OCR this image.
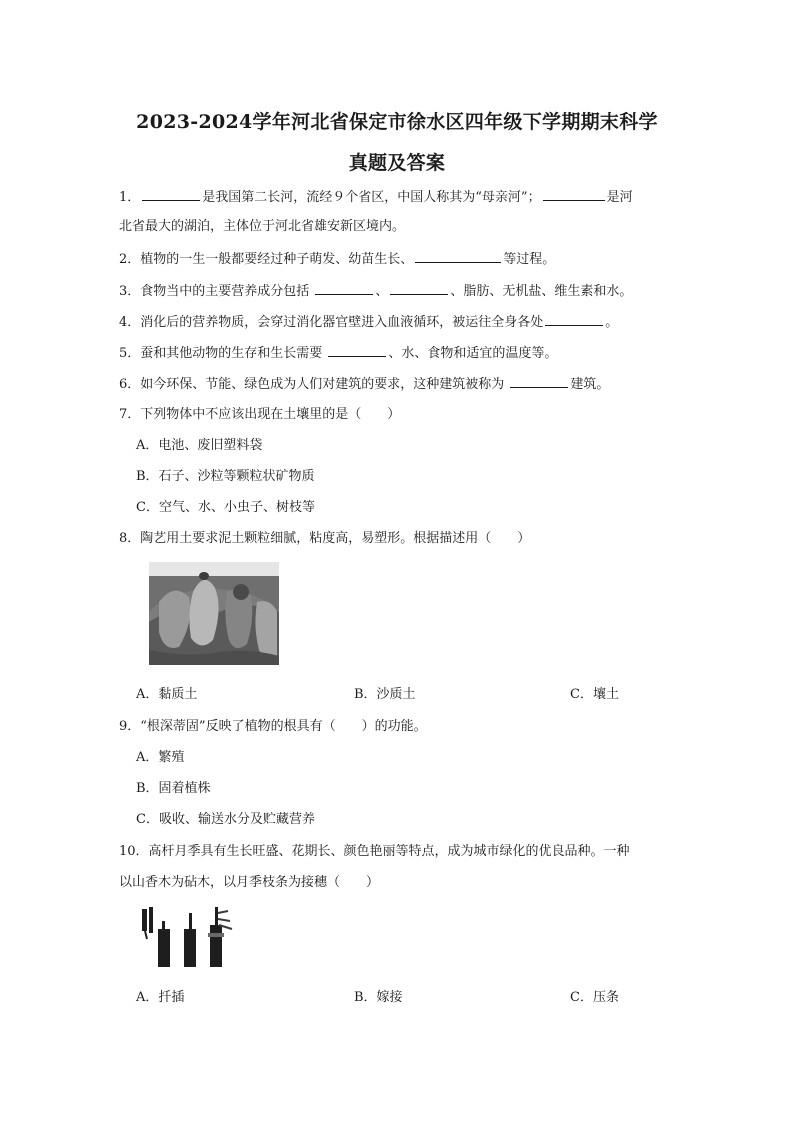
2023-2024学年河北省保定市徐水区四年级下学期期末科学
真题及答案
1．	是我国第二长河，流经９个省区，中国人称其为“母亲河”；	是河
北省最大的湖泊，主体位于河北省雄安新区境内。
2．植物的一生一般都要经过种子萌发、幼苗生长、	等过程。
3．食物当中的主要营养成分包括	、	、脂肪、无机盐、维生素和水。
4．消化后的营养物质，会穿过消化器官壁进入血液循环，被运往全身各处	。
5．蚕和其他动物的生存和生长需要	、水、食物和适宜的温度等。
6．如今环保、节能、绿色成为人们对建筑的要求，这种建筑被称为	建筑。
7．下列物体中不应该出现在土壤里的是（　　）
A．电池、废旧塑料袋
B．石子、沙粒等颗粒状矿物质
C．空气、水、小虫子、树枝等
8．陶艺用土要求泥土颗粒细腻，粘度高，易塑形。根据描述用（　　）
A．黏质土	B．沙质土	C．壤土
9．“根深蒂固”反映了植物的根具有（　　）的功能。
A．繁殖
B．固着植株
C．吸收、输送水分及贮藏营养
10．高杆月季具有生长旺盛、花期长、颜色艳丽等特点，成为城市绿化的优良品种。一种
以山香木为砧木，以月季枝条为接穗（　　）
A．扦插	B．嫁接	C．压条
